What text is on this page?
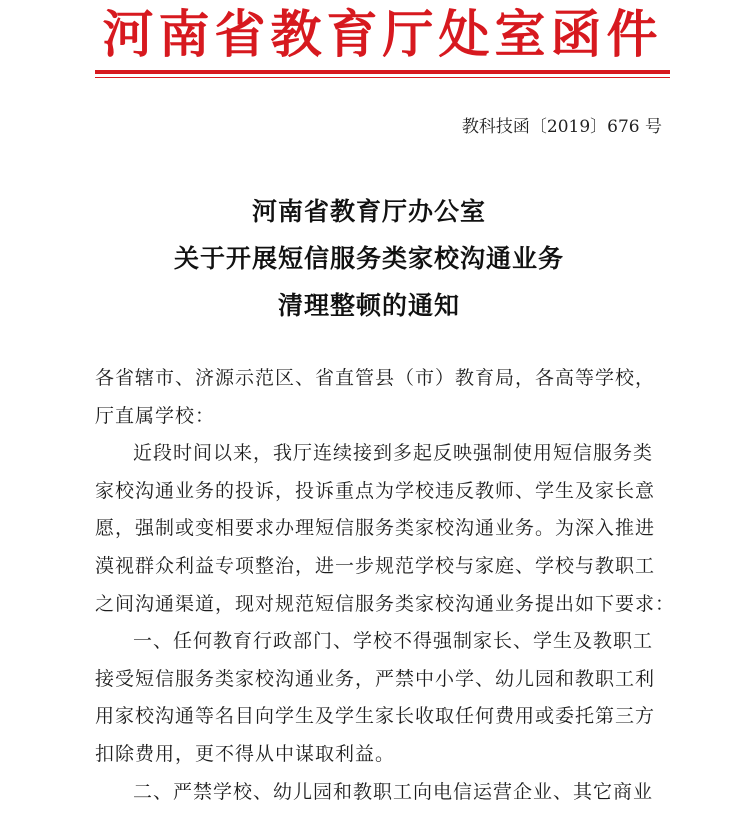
河南省教育厅处室函件
教科技函〔2019〕676 号
河南省教育厅办公室
关于开展短信服务类家校沟通业务
清理整顿的通知
各省辖市、济源示范区、省直管县（市）教育局，各高等学校，
厅直属学校：
近段时间以来，我厅连续接到多起反映强制使用短信服务类
家校沟通业务的投诉，投诉重点为学校违反教师、学生及家长意
愿，强制或变相要求办理短信服务类家校沟通业务。为深入推进
漠视群众利益专项整治，进一步规范学校与家庭、学校与教职工
之间沟通渠道，现对规范短信服务类家校沟通业务提出如下要求：
一、任何教育行政部门、学校不得强制家长、学生及教职工
接受短信服务类家校沟通业务，严禁中小学、幼儿园和教职工利
用家校沟通等名目向学生及学生家长收取任何费用或委托第三方
扣除费用，更不得从中谋取利益。
二、严禁学校、幼儿园和教职工向电信运营企业、其它商业
